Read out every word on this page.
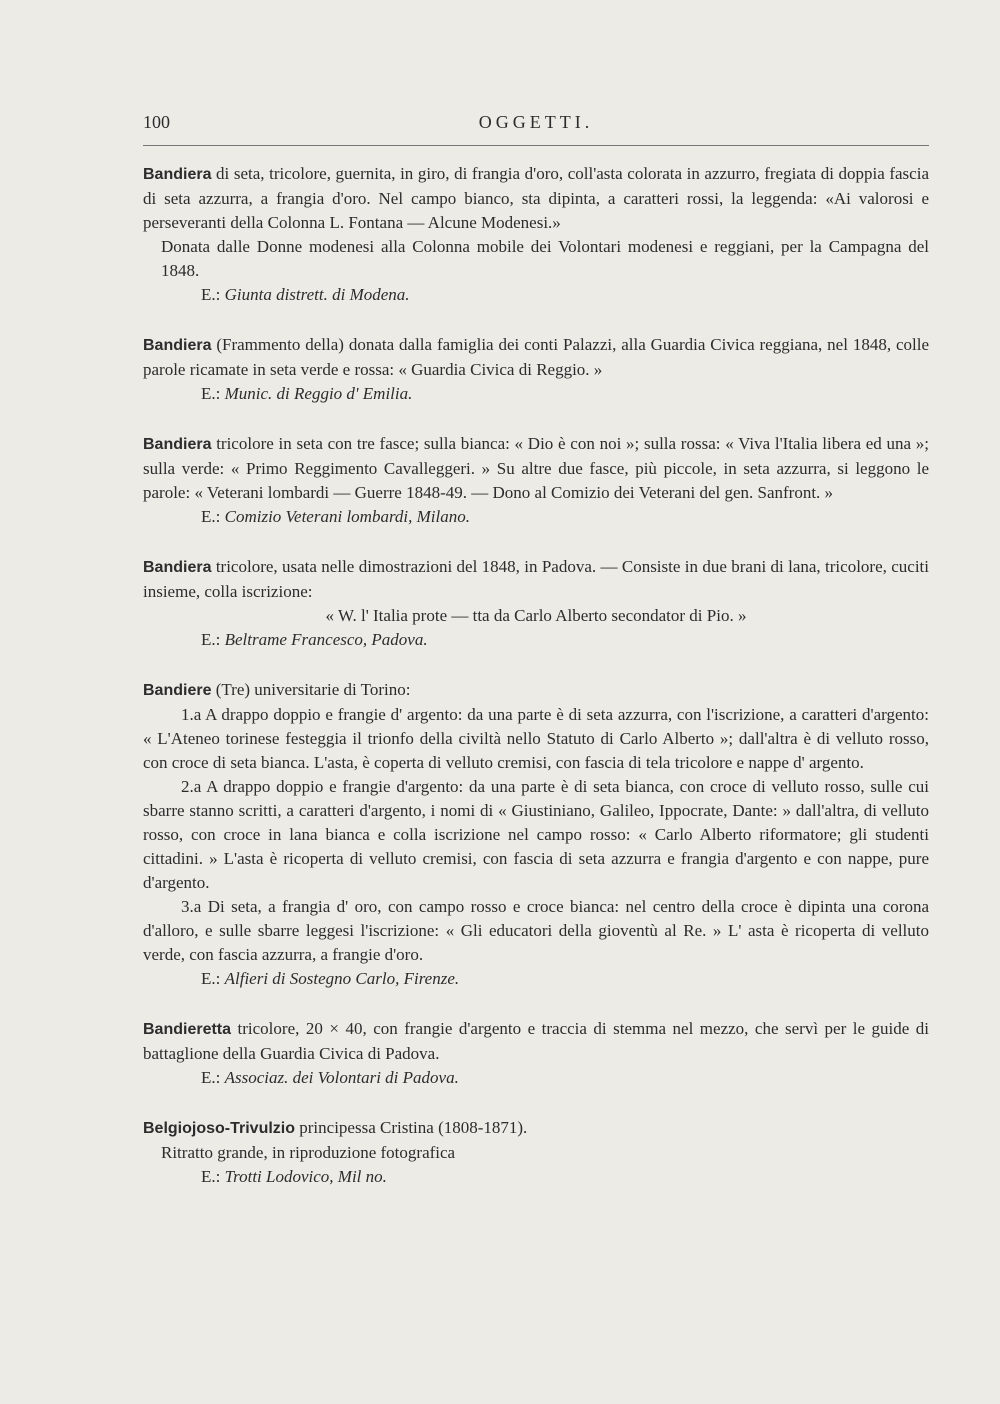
100	OGGETTI.

Bandiera di seta, tricolore, guernita, in giro, di frangia d'oro, coll'asta colorata in azzurro, fregiata di doppia fascia di seta azzurra, a frangia d'oro. Nel campo bianco, sta dipinta, a caratteri rossi, la leggenda: «Ai valorosi e perseveranti della Colonna L. Fontana — Alcune Modenesi.»

Donata dalle Donne modenesi alla Colonna mobile dei Volontari modenesi e reggiani, per la Campagna del 1848.

E.: Giunta distrett. di Modena.

Bandiera (Frammento della) donata dalla famiglia dei conti Palazzi, alla Guardia Civica reggiana, nel 1848, colle parole ricamate in seta verde e rossa: « Guardia Civica di Reggio. »

E.: Munic. di Reggio d' Emilia.

Bandiera tricolore in seta con tre fasce; sulla bianca: « Dio è con noi »; sulla rossa: « Viva l'Italia libera ed una »; sulla verde: « Primo Reggimento Cavalleggeri. » Su altre due fasce, più piccole, in seta azzurra, si leggono le parole: « Veterani lombardi — Guerre 1848-49. — Dono al Comizio dei Veterani del gen. Sanfront. »

E.: Comizio Veterani lombardi, Milano.

Bandiera tricolore, usata nelle dimostrazioni del 1848, in Padova. — Consiste in due brani di lana, tricolore, cuciti insieme, colla iscrizione:

« W. l' Italia prote — tta da Carlo Alberto secondator di Pio. »

E.: Beltrame Francesco, Padova.

Bandiere (Tre) universitarie di Torino:

1.a A drappo doppio e frangie d' argento: da una parte è di seta azzurra, con l'iscrizione, a caratteri d'argento: « L'Ateneo torinese festeggia il trionfo della civiltà nello Statuto di Carlo Alberto »; dall'altra è di velluto rosso, con croce di seta bianca. L'asta, è coperta di velluto cremisi, con fascia di tela tricolore e nappe d' argento.

2.a A drappo doppio e frangie d'argento: da una parte è di seta bianca, con croce di velluto rosso, sulle cui sbarre stanno scritti, a caratteri d'argento, i nomi di « Giustiniano, Galileo, Ippocrate, Dante: » dall'altra, di velluto rosso, con croce in lana bianca e colla iscrizione nel campo rosso: « Carlo Alberto riformatore; gli studenti cittadini. » L'asta è ricoperta di velluto cremisi, con fascia di seta azzurra e frangia d'argento e con nappe, pure d'argento.

3.a Di seta, a frangia d' oro, con campo rosso e croce bianca: nel centro della croce è dipinta una corona d'alloro, e sulle sbarre leggesi l'iscrizione: « Gli educatori della gioventù al Re. » L' asta è ricoperta di velluto verde, con fascia azzurra, a frangie d'oro.

E.: Alfieri di Sostegno Carlo, Firenze.

Bandieretta tricolore, 20 × 40, con frangie d'argento e traccia di stemma nel mezzo, che servì per le guide di battaglione della Guardia Civica di Padova.

E.: Associaz. dei Volontari di Padova.

Belgiojoso-Trivulzio principessa Cristina (1808-1871).

Ritratto grande, in riproduzione fotografica

E.: Trotti Lodovico, Mil no.
